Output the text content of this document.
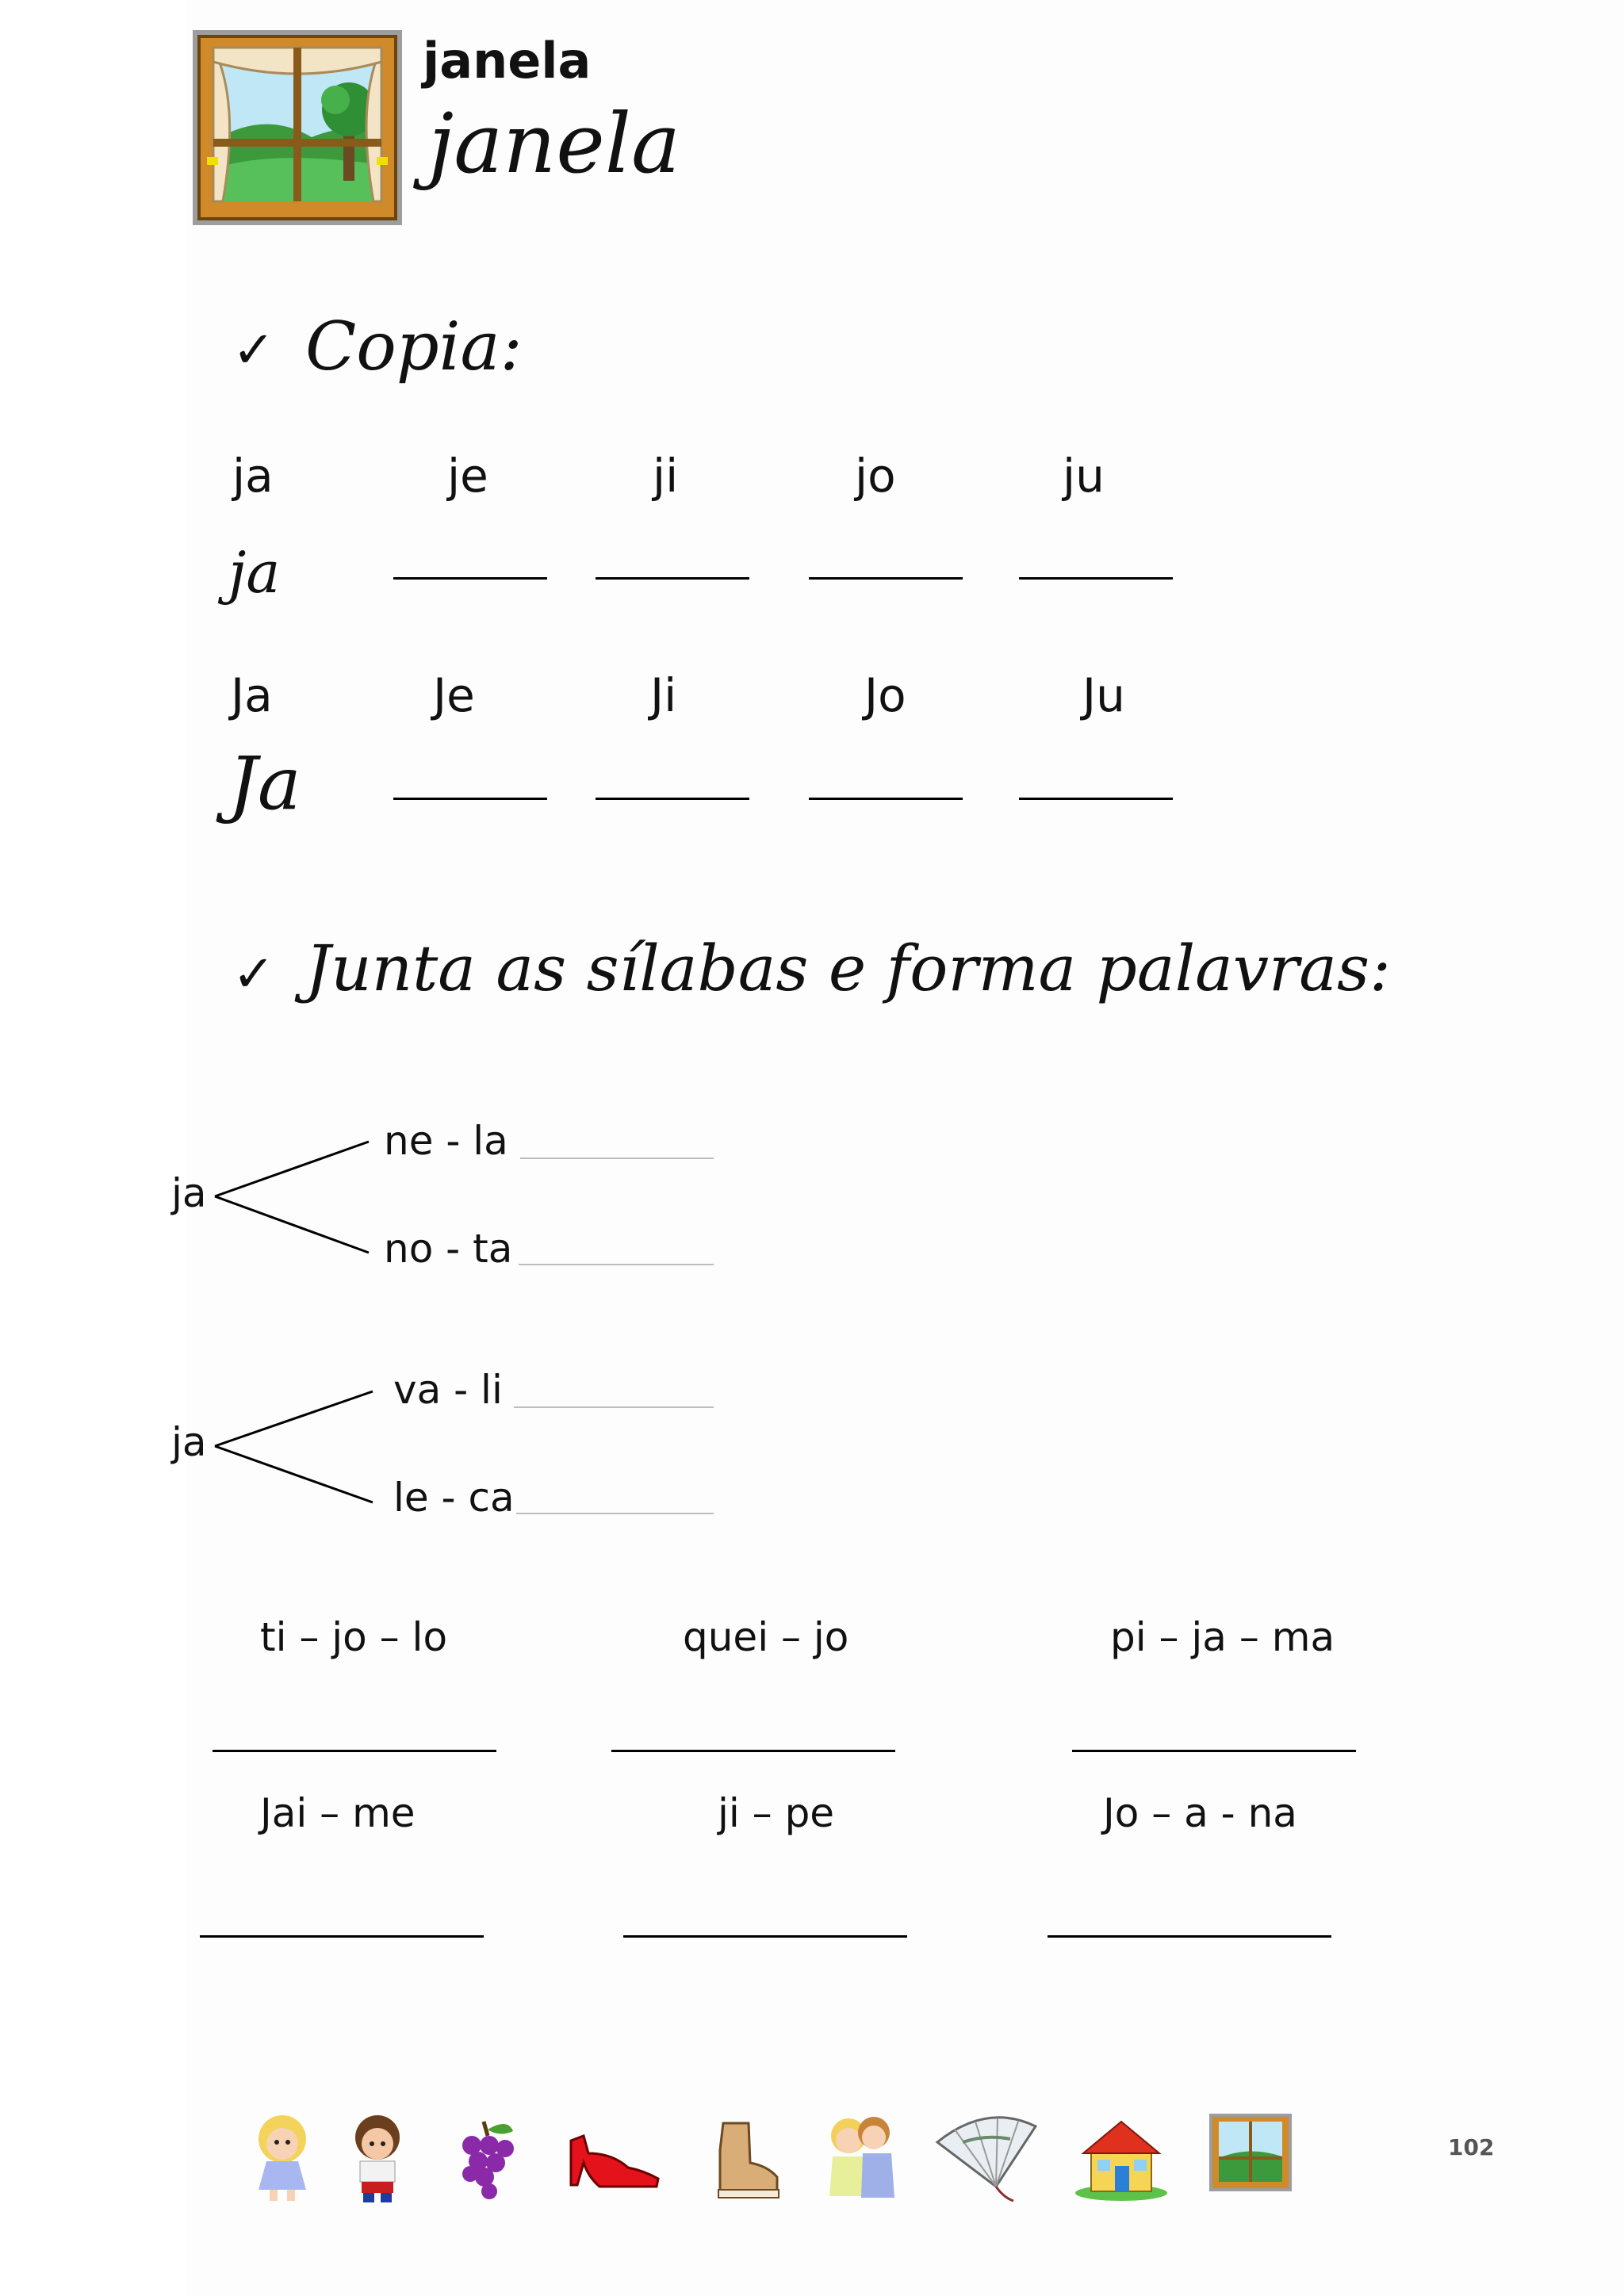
janela
janela
✓ Copia:
ja	je	ji	jo	ju
ja
Ja	Je	Ji	Jo	Ju
Ja
✓ Junta as sílabas e forma palavras:
ja
ne - la
no - ta
ja
va - li
le - ca
ti – jo – lo	quei – jo	pi – ja – ma
Jai – me	ji – pe	Jo – a - na
102
